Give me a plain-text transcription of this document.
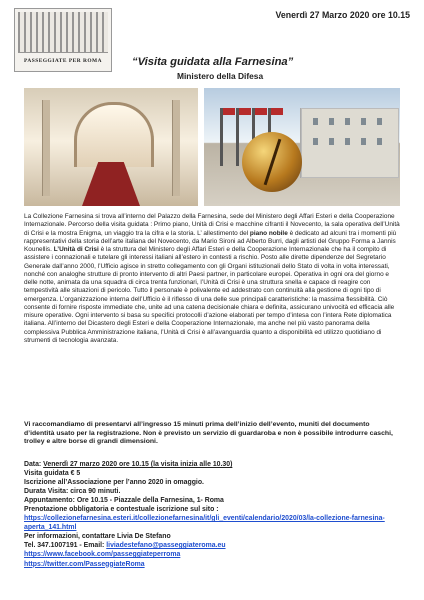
PASSEGGIATE PER ROMA
Venerdì 27 Marzo 2020 ore 10.15
“Visita guidata alla Farnesina”
Ministero della Difesa

La Collezione Farnesina si trova all’interno del Palazzo della Farnesina, sede del Ministero degli Affari Esteri e della Cooperazione Internazionale. Percorso della visita guidata : Primo piano, Unità di Crisi e macchine cifranti il Novecento, la sala operativa dell’Unità di Crisi e la mostra Enigma, un viaggio tra la cifra e la storia. L’ allestimento del piano nobile è dedicato ad alcuni tra i momenti più rappresentativi della storia dell’arte italiana del Novecento, da Mario Sironi ad Alberto Burri, dagli artisti del Gruppo Forma a Jannis Kounellis. L’Unità di Crisi è la struttura del Ministero degli Affari Esteri e della Cooperazione Internazionale che ha il compito di assistere i connazionali e tutelare gli interessi italiani all’estero in contesti a rischio. Posto alle dirette dipendenze del Segretario Generale dall’anno 2000, l’Ufficio agisce in stretto collegamento con gli Organi istituzionali dello Stato di volta in volta interessati, nonché con analoghe strutture di pronto intervento di altri Paesi partner, in particolare europei. Operativa in ogni ora del giorno e delle notte, animata da una squadra di circa trenta funzionari, l’Unità di Crisi è una struttura snella e capace di reagire con tempestività alle situazioni di pericolo. Tutto il personale è polivalente ed addestrato con continuità alla gestione di ogni tipo di emergenza. L’organizzazione interna dell’Ufficio è il riflesso di una delle sue principali caratteristiche: la massima flessibilità. Ciò consente di fornire risposte immediate che, unite ad una catena decisionale chiara e definita, assicurano univocità ed efficacia alle misure operative. Ogni intervento si basa su specifici protocolli d’azione elaborati per tempo d’intesa con l’intera Rete diplomatica italiana. All’interno del Dicastero degli Esteri e della Cooperazione Internazionale, ma anche nel più vasto panorama della complessiva Pubblica Amministrazione italiana, l’Unità di Crisi è all’avanguardia quanto a disponibilità ed utilizzo quotidiano di strumenti di tecnologia avanzata.

Vi raccomandiamo di presentarvi all’ingresso 15 minuti prima dell’inizio dell’evento, muniti del documento d’identità usato per la registrazione. Non è previsto un servizio di guardaroba e non è possibile introdurre caschi, trolley e altre borse di grandi dimensioni.

Data: Venerdì 27 marzo 2020 ore 10.15 (la visita inizia alle 10.30)
Visita guidata € 5
Iscrizione all’Associazione per l’anno 2020 in omaggio.
Durata Visita: circa 90 minuti.
Appuntamento: Ore 10.15 - Piazzale della Farnesina, 1- Roma
Prenotazione obbligatoria e contestuale iscrizione sul sito :
https://collezionefarnesina.esteri.it/collezionefarnesina/it/gli_eventi/calendario/2020/03/la-collezione-farnesina-aperta_141.html
Per informazioni, contattare Livia De Stefano
Tel. 347.1007191 - Email: liviadestefano@passeggiateroma.eu
https://www.facebook.com/passeggiateperroma
https://twitter.com/PasseggiateRoma
